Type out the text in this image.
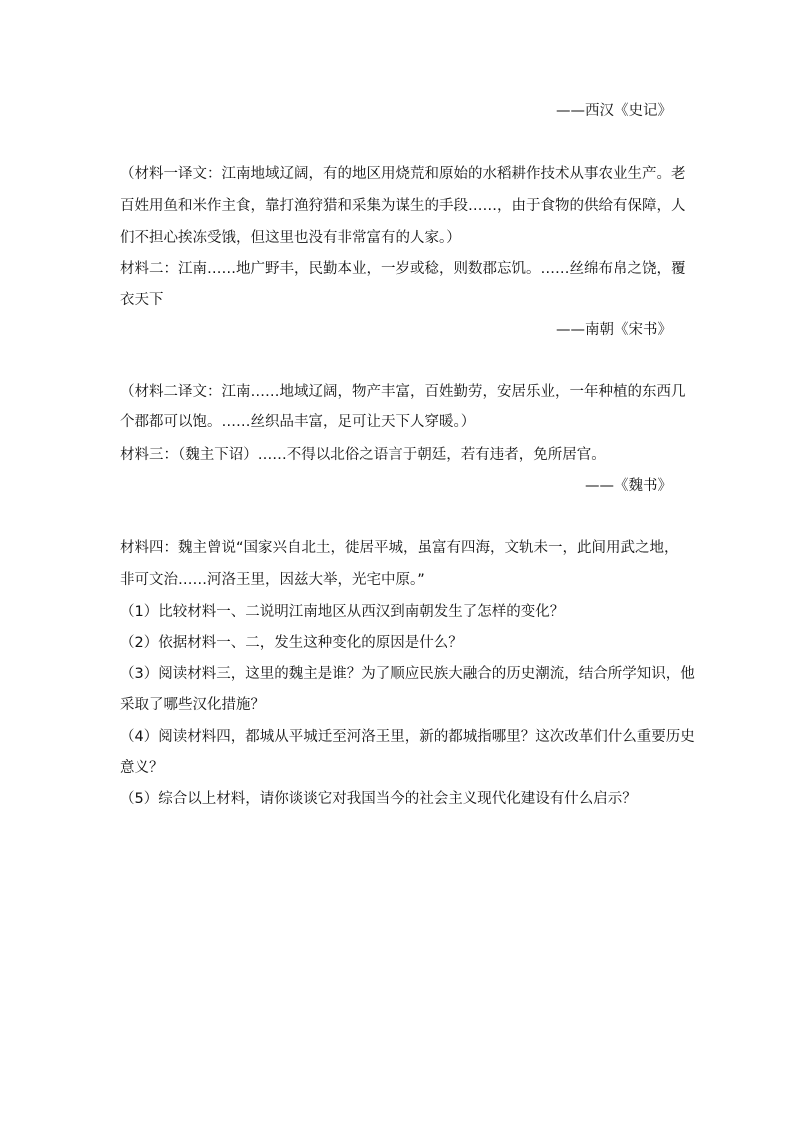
——西汉《史记》
（材料一译文：江南地域辽阔，有的地区用烧荒和原始的水稻耕作技术从事农业生产。老
百姓用鱼和米作主食，靠打渔狩猎和采集为谋生的手段……，由于食物的供给有保障，人
们不担心挨冻受饿，但这里也没有非常富有的人家。）
材料二：江南……地广野丰，民勤本业，一岁或稔，则数郡忘饥。……丝绵布帛之饶，覆
衣天下
——南朝《宋书》
（材料二译文：江南……地域辽阔，物产丰富，百姓勤劳，安居乐业，一年种植的东西几
个郡都可以饱。……丝织品丰富，足可让天下人穿暖。）
材料三：（魏主下诏）……不得以北俗之语言于朝廷，若有违者，免所居官。
——《魏书》
材料四：魏主曾说“国家兴自北土，徙居平城，虽富有四海，文轨未一，此间用武之地，
非可文治……河洛王里，因兹大举，光宅中原。”
（1）比较材料一、二说明江南地区从西汉到南朝发生了怎样的变化？
（2）依据材料一、二，发生这种变化的原因是什么？
（3）阅读材料三，这里的魏主是谁？为了顺应民族大融合的历史潮流，结合所学知识，他
采取了哪些汉化措施？
（4）阅读材料四，都城从平城迁至河洛王里，新的都城指哪里？这次改革们什么重要历史
意义？
（5）综合以上材料，请你谈谈它对我国当今的社会主义现代化建设有什么启示？
